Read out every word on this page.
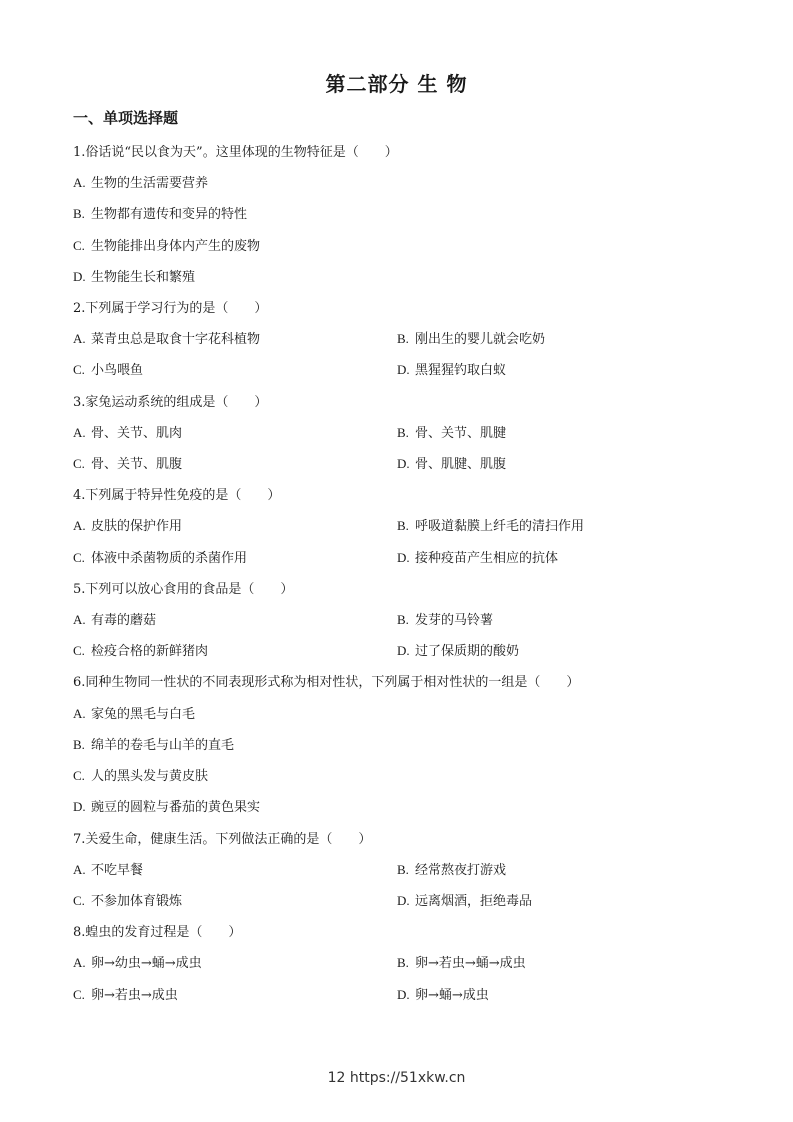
第二部分 生 物
一、单项选择题
1.俗话说“民以食为天”。这里体现的生物特征是（　　）
A. 生物的生活需要营养
B. 生物都有遗传和变异的特性
C. 生物能排出身体内产生的废物
D. 生物能生长和繁殖
2.下列属于学习行为的是（　　）
A. 菜青虫总是取食十字花科植物	B. 刚出生的婴儿就会吃奶
C. 小鸟喂鱼	D. 黑猩猩钓取白蚁
3.家兔运动系统的组成是（　　）
A. 骨、关节、肌肉	B. 骨、关节、肌腱
C. 骨、关节、肌腹	D. 骨、肌腱、肌腹
4.下列属于特异性免疫的是（　　）
A. 皮肤的保护作用	B. 呼吸道黏膜上纤毛的清扫作用
C. 体液中杀菌物质的杀菌作用	D. 接种疫苗产生相应的抗体
5.下列可以放心食用的食品是（　　）
A. 有毒的蘑菇	B. 发芽的马铃薯
C. 检疫合格的新鲜猪肉	D. 过了保质期的酸奶
6.同种生物同一性状的不同表现形式称为相对性状，下列属于相对性状的一组是（　　）
A. 家兔的黑毛与白毛
B. 绵羊的卷毛与山羊的直毛
C. 人的黑头发与黄皮肤
D. 豌豆的圆粒与番茄的黄色果实
7.关爱生命，健康生活。下列做法正确的是（　　）
A. 不吃早餐	B. 经常熬夜打游戏
C. 不参加体育锻炼	D. 远离烟酒，拒绝毒品
8.蝗虫的发育过程是（　　）
A. 卵→幼虫→蛹→成虫	B. 卵→若虫→蛹→成虫
C. 卵→若虫→成虫	D. 卵→蛹→成虫
12 https://51xkw.cn
